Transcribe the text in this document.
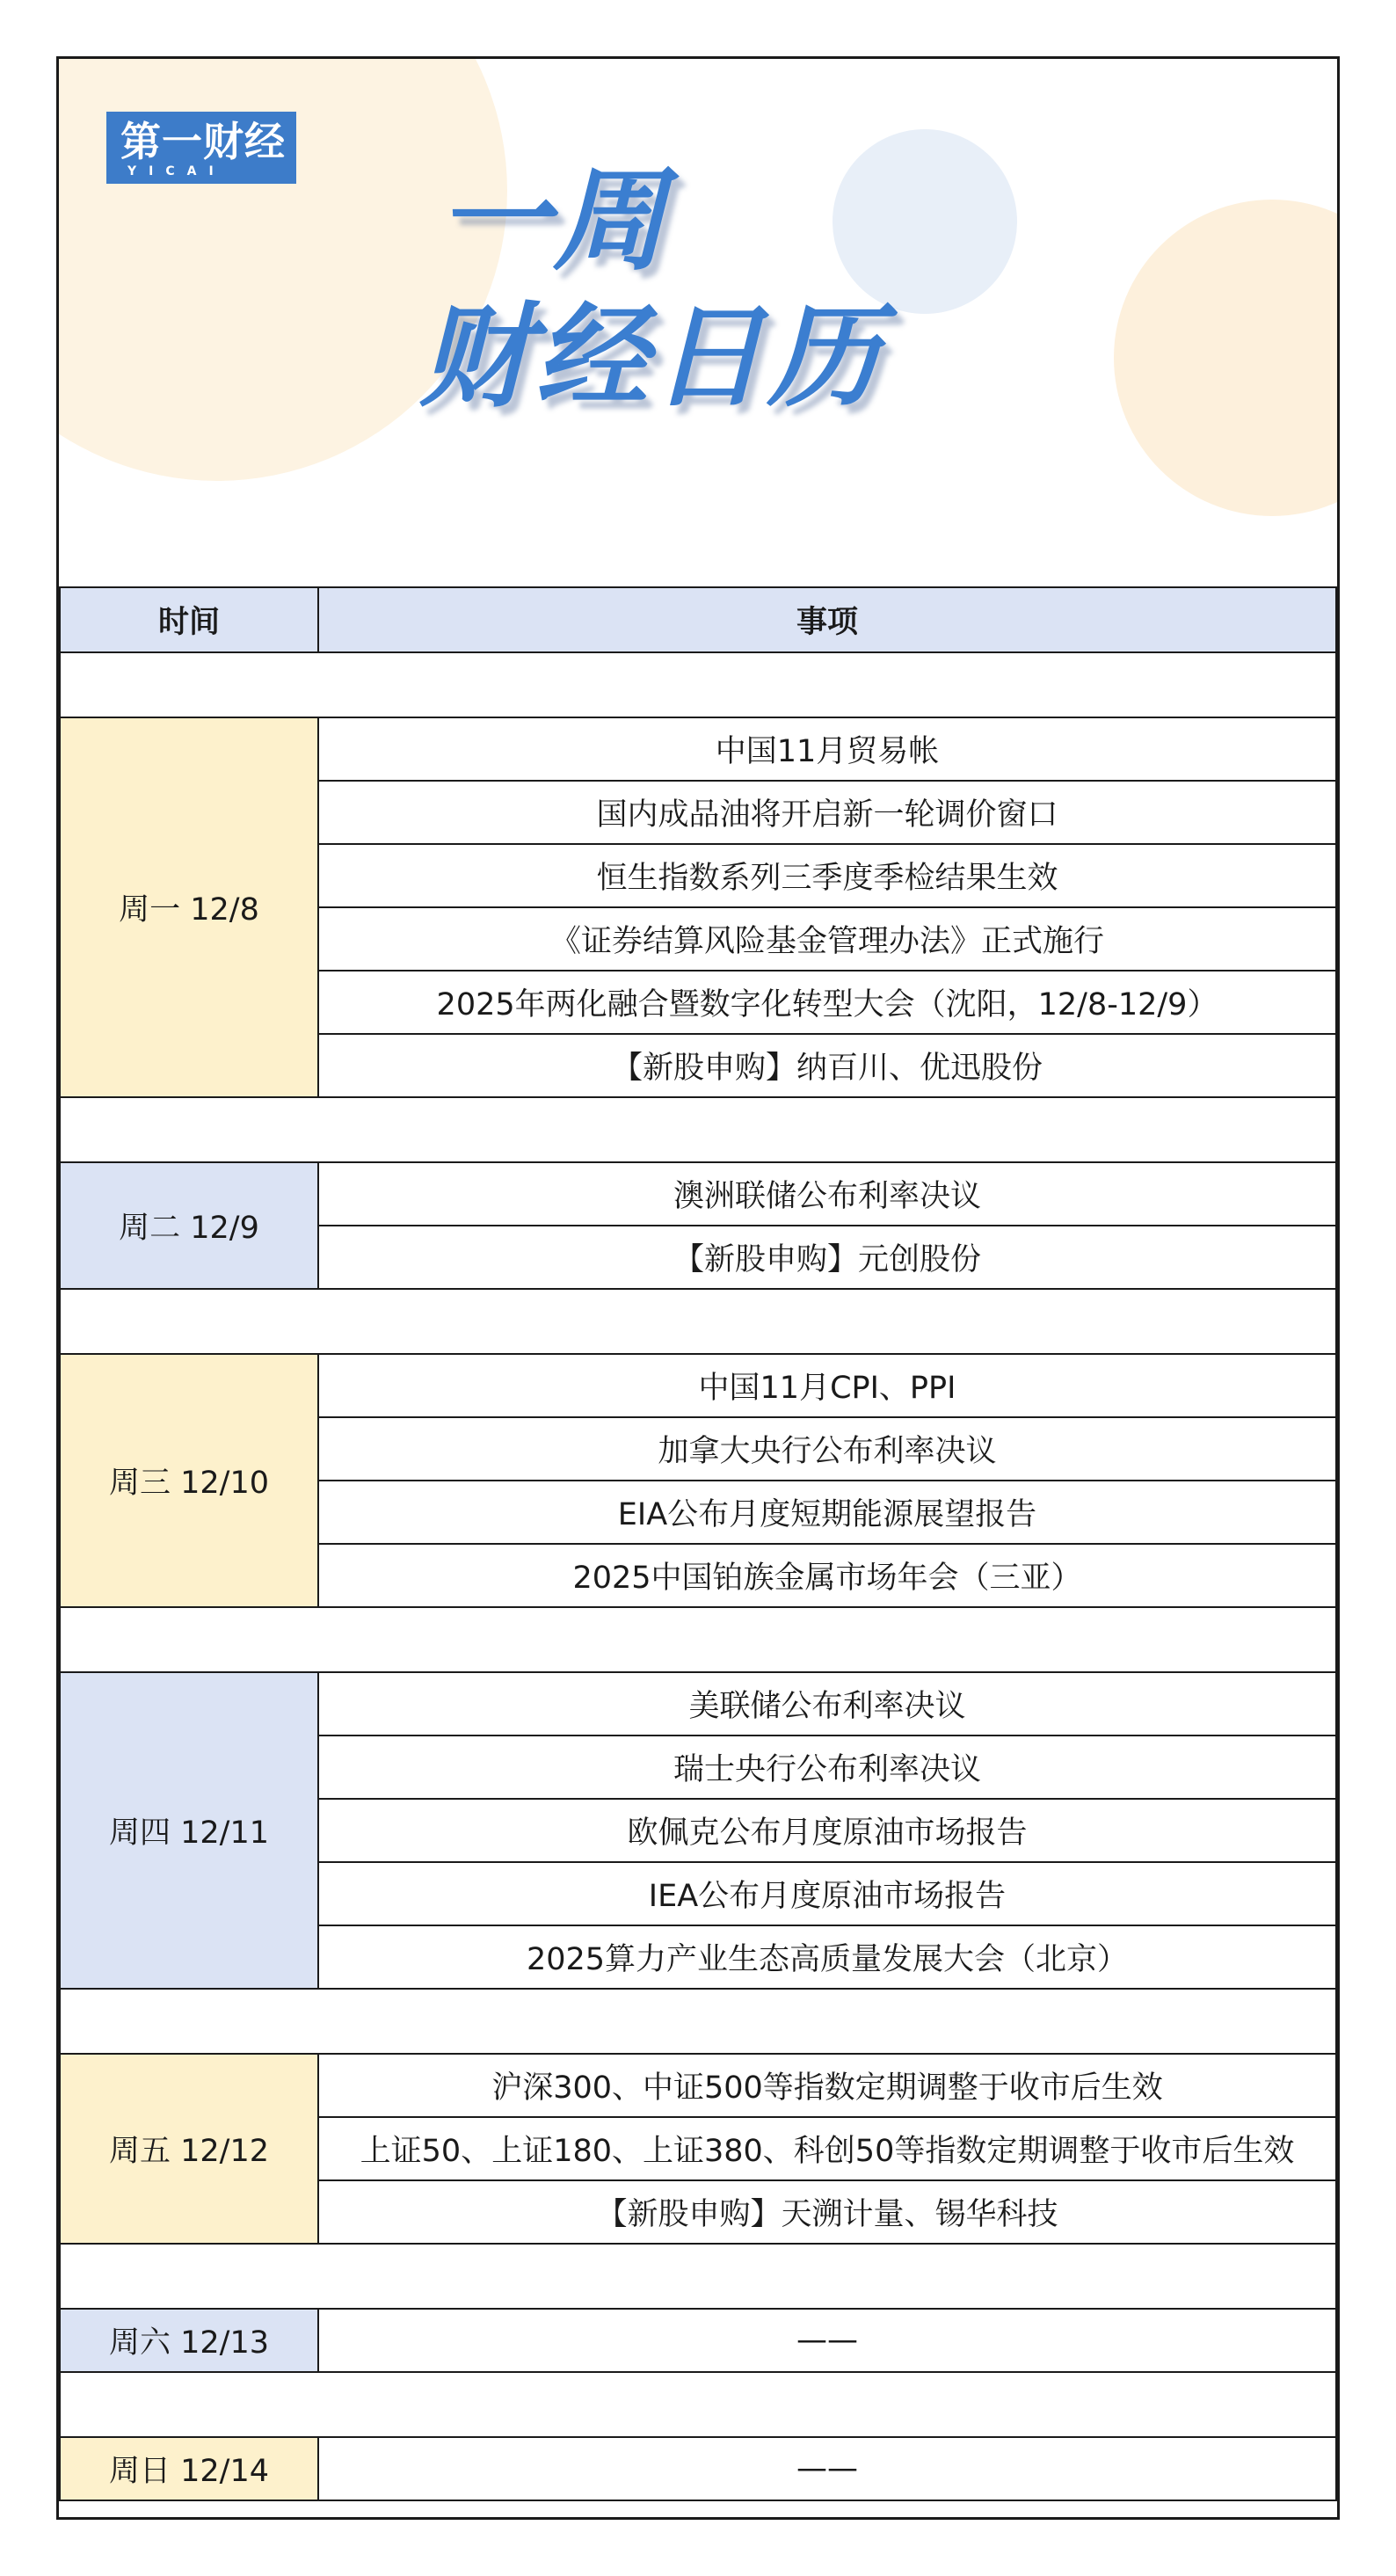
第一财经
YICAI 一周
财经日历
时间	事项

周一 12/8	中国11月贸易帐
	国内成品油将开启新一轮调价窗口
	恒生指数系列三季度季检结果生效
	《证券结算风险基金管理办法》正式施行
	2025年两化融合暨数字化转型大会（沈阳，12/8-12/9）
	【新股申购】纳百川、优迅股份

周二 12/9	澳洲联储公布利率决议
	【新股申购】元创股份

周三 12/10	中国11月CPI、PPI
	加拿大央行公布利率决议
	EIA公布月度短期能源展望报告
	2025中国铂族金属市场年会（三亚）

周四 12/11	美联储公布利率决议
	瑞士央行公布利率决议
	欧佩克公布月度原油市场报告
	IEA公布月度原油市场报告
	2025算力产业生态高质量发展大会（北京）

周五 12/12	沪深300、中证500等指数定期调整于收市后生效
	上证50、上证180、上证380、科创50等指数定期调整于收市后生效
	【新股申购】天溯计量、锡华科技

周六 12/13	——

周日 12/14	——
